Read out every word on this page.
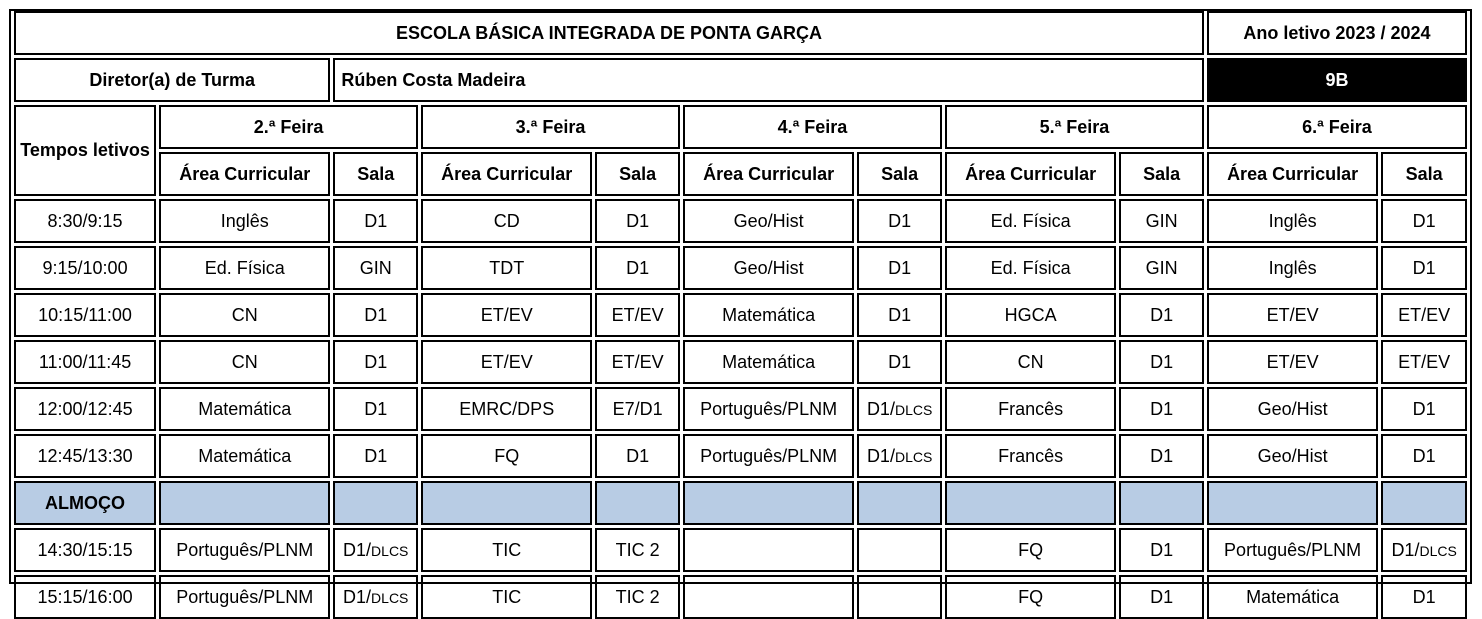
ESCOLA BÁSICA INTEGRADA DE PONTA GARÇA									Ano letivo 2023 / 2024	

Diretor(a) de Turma		Rúben Costa Madeira							9B	

Tempos letivos	2.ª Feira		3.ª Feira		4.ª Feira		5.ª Feira		6.ª Feira	

	Área Curricular	Sala	Área Curricular	Sala	Área Curricular	Sala	Área Curricular	Sala	Área Curricular	Sala

8:30/9:15	Inglês	D1	CD	D1	Geo/Hist	D1	Ed. Física	GIN	Inglês	D1

9:15/10:00	Ed. Física	GIN	TDT	D1	Geo/Hist	D1	Ed. Física	GIN	Inglês	D1

10:15/11:00	CN	D1	ET/EV	ET/EV	Matemática	D1	HGCA	D1	ET/EV	ET/EV

11:00/11:45	CN	D1	ET/EV	ET/EV	Matemática	D1	CN	D1	ET/EV	ET/EV

12:00/12:45	Matemática	D1	EMRC/DPS	E7/D1	Português/PLNM	D1/DLCS	Francês	D1	Geo/Hist	D1

12:45/13:30	Matemática	D1	FQ	D1	Português/PLNM	D1/DLCS	Francês	D1	Geo/Hist	D1

ALMOÇO										

14:30/15:15	Português/PLNM	D1/DLCS	TIC	TIC 2			FQ	D1	Português/PLNM	D1/DLCS

15:15/16:00	Português/PLNM	D1/DLCS	TIC	TIC 2			FQ	D1	Matemática	D1
